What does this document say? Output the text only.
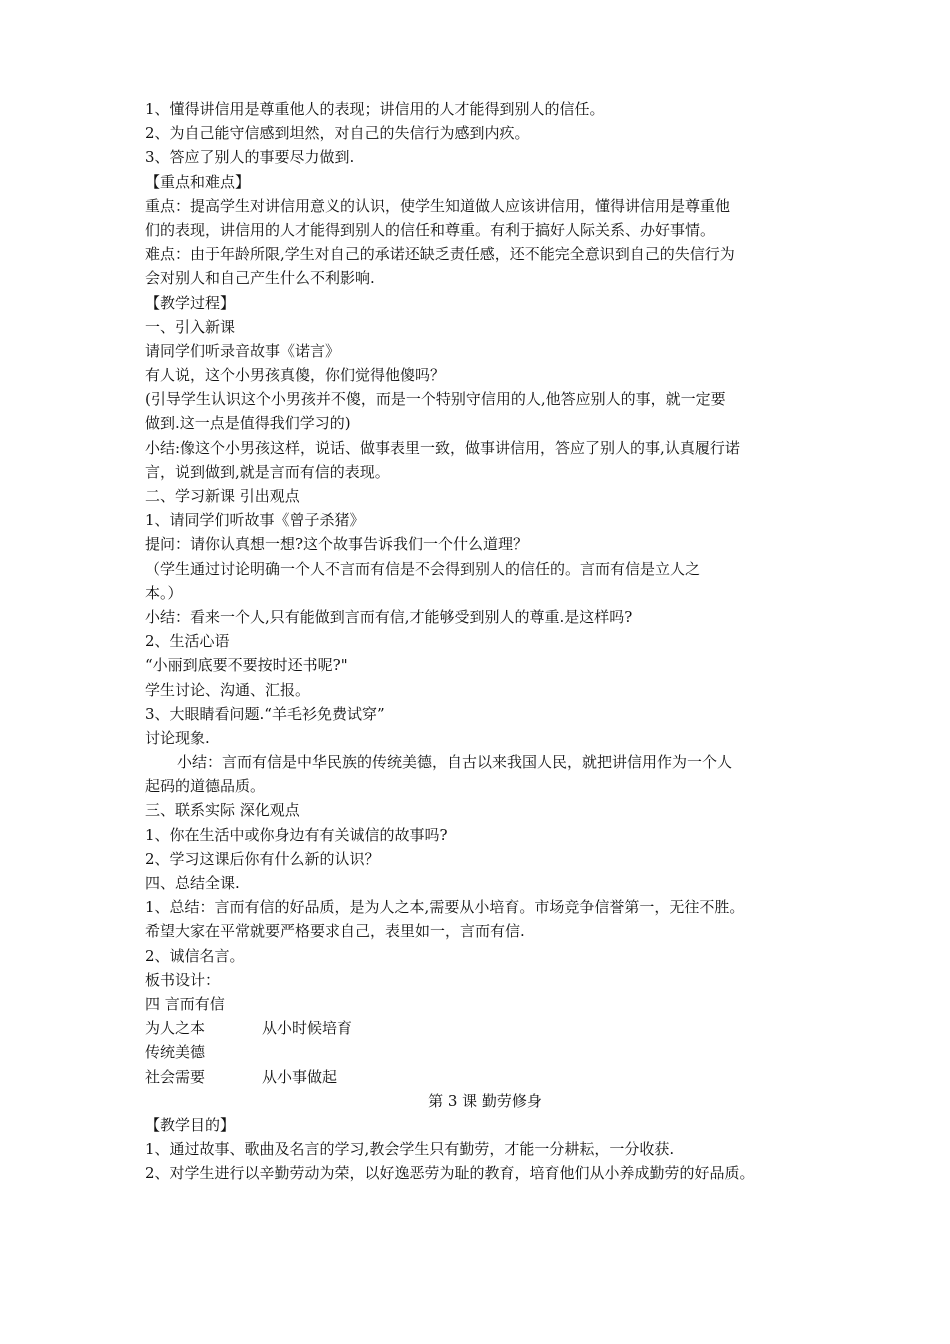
1、懂得讲信用是尊重他人的表现；讲信用的人才能得到别人的信任。
2、为自己能守信感到坦然，对自己的失信行为感到内疚。
3、答应了别人的事要尽力做到.
【重点和难点】
重点：提高学生对讲信用意义的认识，使学生知道做人应该讲信用，懂得讲信用是尊重他
们的表现，讲信用的人才能得到别人的信任和尊重。有利于搞好人际关系、办好事情。
难点：由于年龄所限,学生对自己的承诺还缺乏责任感，还不能完全意识到自己的失信行为
会对别人和自己产生什么不利影响.
【教学过程】
一、引入新课
请同学们听录音故事《诺言》
有人说，这个小男孩真傻，你们觉得他傻吗？
(引导学生认识这个小男孩并不傻，而是一个特别守信用的人,他答应别人的事，就一定要
做到.这一点是值得我们学习的)
小结:像这个小男孩这样，说话、做事表里一致，做事讲信用，答应了别人的事,认真履行诺
言，说到做到,就是言而有信的表现。
二、学习新课 引出观点
1、请同学们听故事《曾子杀猪》
提问：请你认真想一想?这个故事告诉我们一个什么道理？
（学生通过讨论明确一个人不言而有信是不会得到别人的信任的。言而有信是立人之
本。）
小结：看来一个人,只有能做到言而有信,才能够受到别人的尊重.是这样吗?
2、生活心语
“小丽到底要不要按时还书呢?"
学生讨论、沟通、汇报。
3、大眼睛看问题.“羊毛衫免费试穿”
讨论现象.
小结：言而有信是中华民族的传统美德，自古以来我国人民，就把讲信用作为一个人
起码的道德品质。
三、联系实际 深化观点
1、你在生活中或你身边有有关诚信的故事吗?
2、学习这课后你有什么新的认识？
四、总结全课.
1、总结：言而有信的好品质，是为人之本,需要从小培育。市场竞争信誉第一，无往不胜。
希望大家在平常就要严格要求自己，表里如一，言而有信.
2、诚信名言。
板书设计：
四 言而有信
为人之本	从小时候培育
传统美德
社会需要	从小事做起
第 3 课 勤劳修身
【教学目的】
1、通过故事、歌曲及名言的学习,教会学生只有勤劳，才能一分耕耘，一分收获.
2、对学生进行以辛勤劳动为荣，以好逸恶劳为耻的教育，培育他们从小养成勤劳的好品质。
